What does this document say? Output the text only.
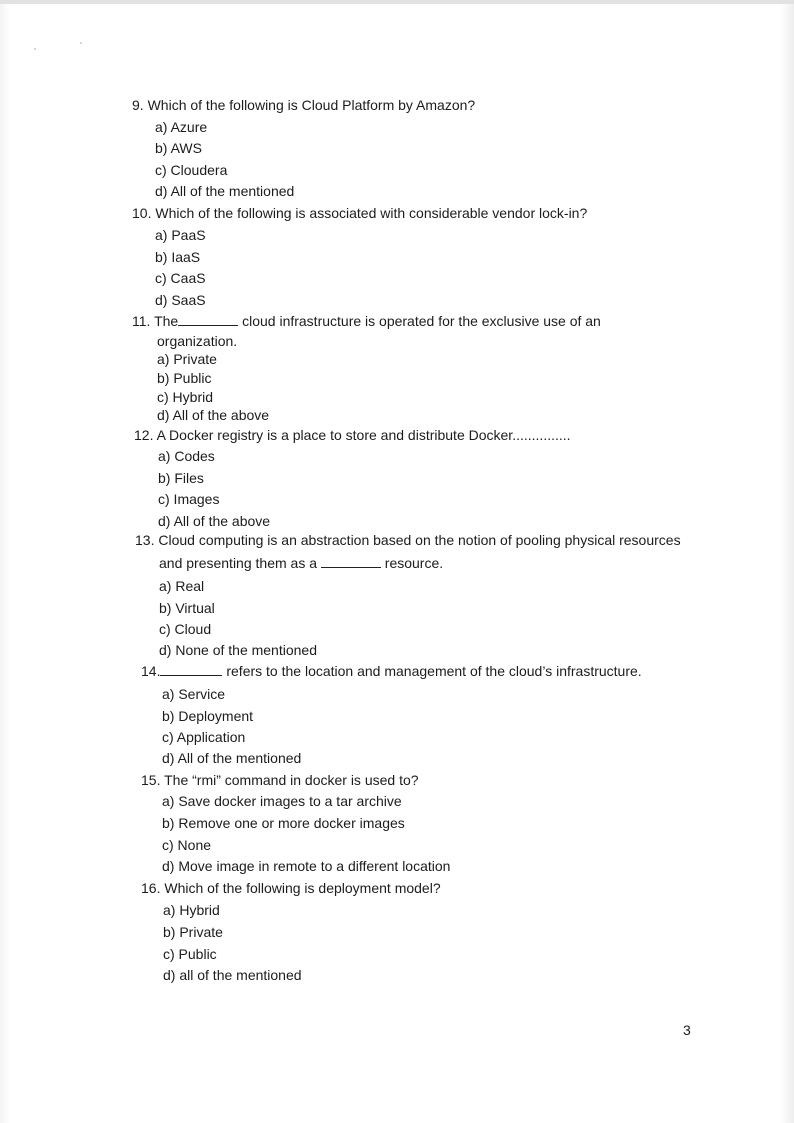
9. Which of the following is Cloud Platform by Amazon?
a) Azure
b) AWS
c) Cloudera
d) All of the mentioned
10. Which of the following is associated with considerable vendor lock-in?
a) PaaS
b) IaaS
c) CaaS
d) SaaS
11. The	cloud infrastructure is operated for the exclusive use of an
organization.
a) Private
b) Public
c) Hybrid
d) All of the above
12. A Docker registry is a place to store and distribute Docker...............
a) Codes
b) Files
c) Images
d) All of the above
13. Cloud computing is an abstraction based on the notion of pooling physical resources
and presenting them as a	resource.
a) Real
b) Virtual
c) Cloud
d) None of the mentioned
14.	refers to the location and management of the cloud’s infrastructure.
a) Service
b) Deployment
c) Application
d) All of the mentioned
15. The “rmi” command in docker is used to?
a) Save docker images to a tar archive
b) Remove one or more docker images
c) None
d) Move image in remote to a different location
16. Which of the following is deployment model?
a) Hybrid
b) Private
c) Public
d) all of the mentioned
3
